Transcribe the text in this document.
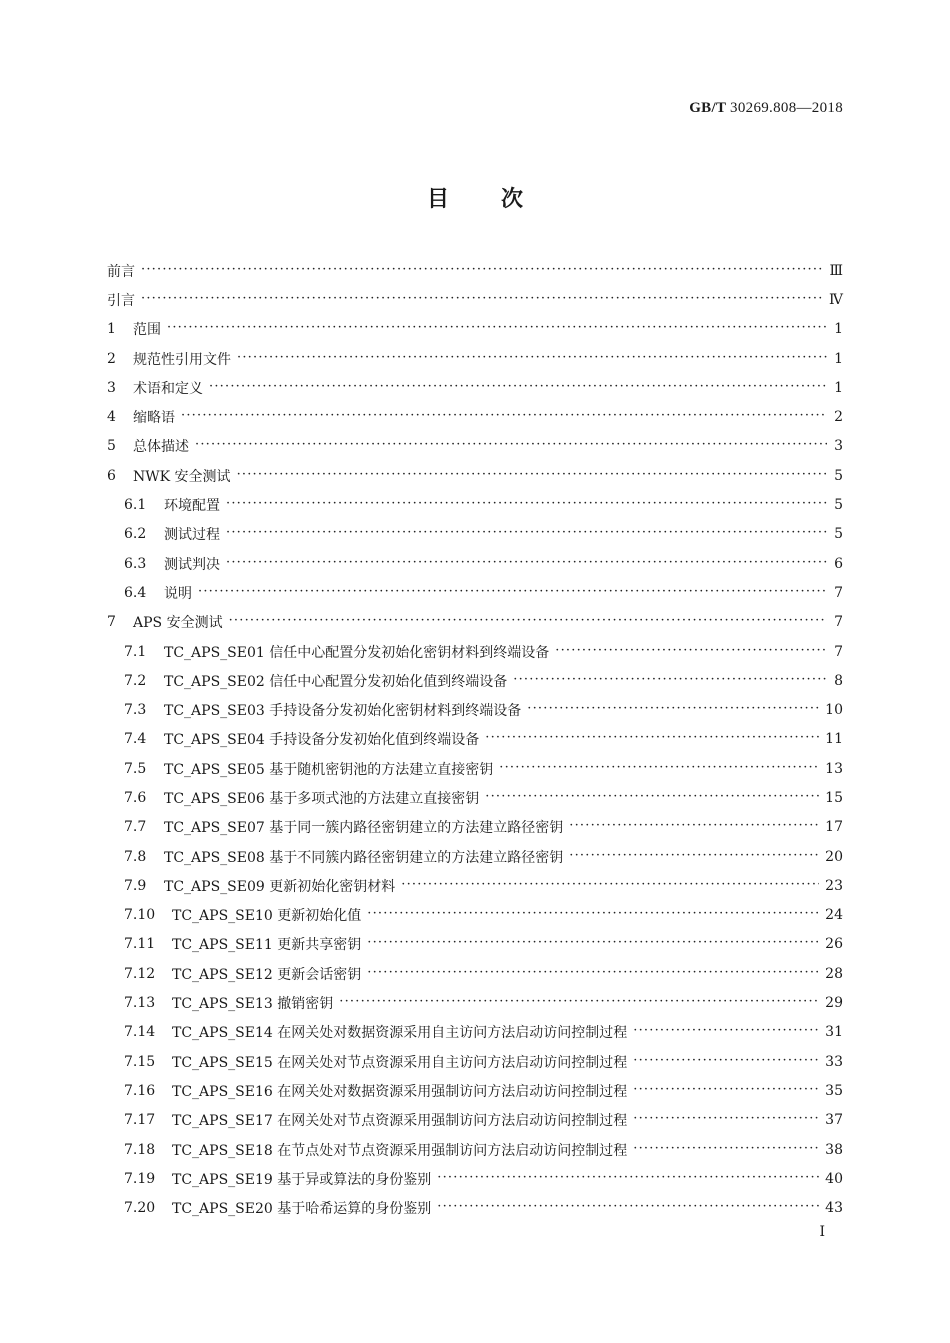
GB/T 30269.808—2018
目次
前言 ·····	Ⅲ
引言 ·····	Ⅳ
1	范围 ·····	1
2	规范性引用文件 ·····	1
3	术语和定义 ·····	1
4	缩略语 ·····	2
5	总体描述 ·····	3
6	NWK 安全测试 ·····	5
6.1	环境配置 ·····	5
6.2	测试过程 ·····	5
6.3	测试判决 ·····	6
6.4	说明 ·····	7
7	APS 安全测试 ·····	7
7.1	TC_APS_SE01 信任中心配置分发初始化密钥材料到终端设备 ·····	7
7.2	TC_APS_SE02 信任中心配置分发初始化值到终端设备 ·····	8
7.3	TC_APS_SE03 手持设备分发初始化密钥材料到终端设备 ·····	10
7.4	TC_APS_SE04 手持设备分发初始化值到终端设备 ·····	11
7.5	TC_APS_SE05 基于随机密钥池的方法建立直接密钥 ·····	13
7.6	TC_APS_SE06 基于多项式池的方法建立直接密钥 ·····	15
7.7	TC_APS_SE07 基于同一簇内路径密钥建立的方法建立路径密钥 ·····	17
7.8	TC_APS_SE08 基于不同簇内路径密钥建立的方法建立路径密钥 ·····	20
7.9	TC_APS_SE09 更新初始化密钥材料 ·····	23
7.10	TC_APS_SE10 更新初始化值 ·····	24
7.11	TC_APS_SE11 更新共享密钥 ·····	26
7.12	TC_APS_SE12 更新会话密钥 ·····	28
7.13	TC_APS_SE13 撤销密钥 ·····	29
7.14	TC_APS_SE14 在网关处对数据资源采用自主访问方法启动访问控制过程 ·····	31
7.15	TC_APS_SE15 在网关处对节点资源采用自主访问方法启动访问控制过程 ·····	33
7.16	TC_APS_SE16 在网关处对数据资源采用强制访问方法启动访问控制过程 ·····	35
7.17	TC_APS_SE17 在网关处对节点资源采用强制访问方法启动访问控制过程 ·····	37
7.18	TC_APS_SE18 在节点处对节点资源采用强制访问方法启动访问控制过程 ·····	38
7.19	TC_APS_SE19 基于异或算法的身份鉴别 ·····	40
7.20	TC_APS_SE20 基于哈希运算的身份鉴别 ·····	43
Ⅰ
